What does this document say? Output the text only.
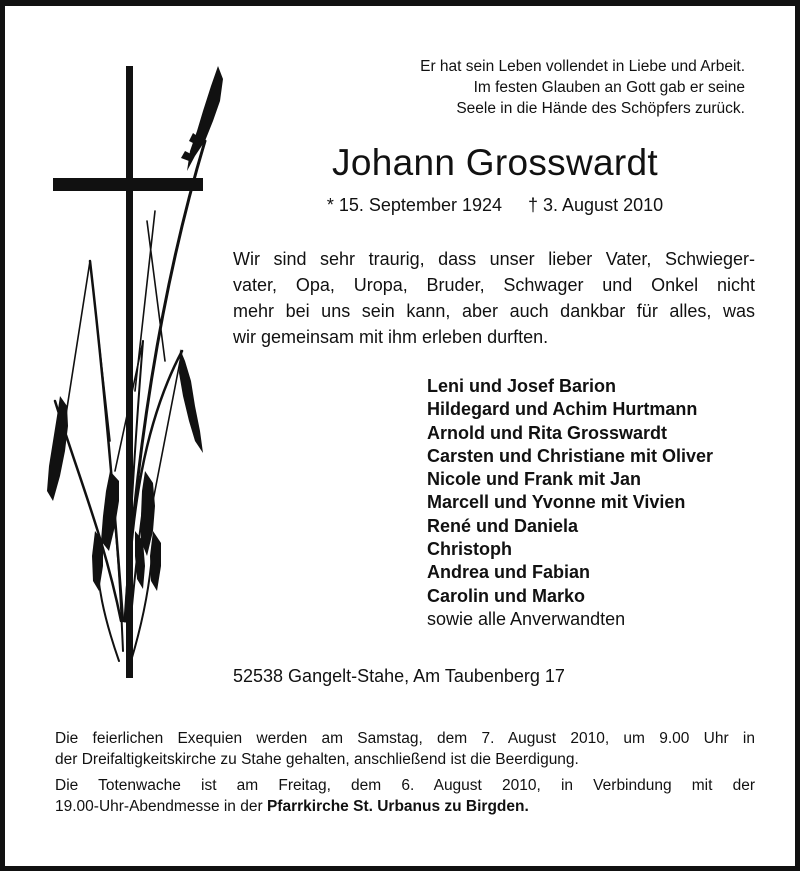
Er hat sein Leben vollendet in Liebe und Arbeit.
Im festen Glauben an Gott gab er seine
Seele in die Hände des Schöpfers zurück.
Johann Grosswardt
* 15. September 1924 † 3. August 2010
Wir sind sehr traurig, dass unser lieber Vater, Schwieger-
vater, Opa, Uropa, Bruder, Schwager und Onkel nicht
mehr bei uns sein kann, aber auch dankbar für alles, was
wir gemeinsam mit ihm erleben durften.
Leni und Josef Barion
Hildegard und Achim Hurtmann
Arnold und Rita Grosswardt
Carsten und Christiane mit Oliver
Nicole und Frank mit Jan
Marcell und Yvonne mit Vivien
René und Daniela
Christoph
Andrea und Fabian
Carolin und Marko
sowie alle Anverwandten
52538 Gangelt-Stahe, Am Taubenberg 17

Die feierlichen Exequien werden am Samstag, dem 7. August 2010, um 9.00 Uhr in
der Dreifaltigkeitskirche zu Stahe gehalten, anschließend ist die Beerdigung.

Die Totenwache ist am Freitag, dem 6. August 2010, in Verbindung mit der
19.00-Uhr-Abendmesse in der Pfarrkirche St. Urbanus zu Birgden.
